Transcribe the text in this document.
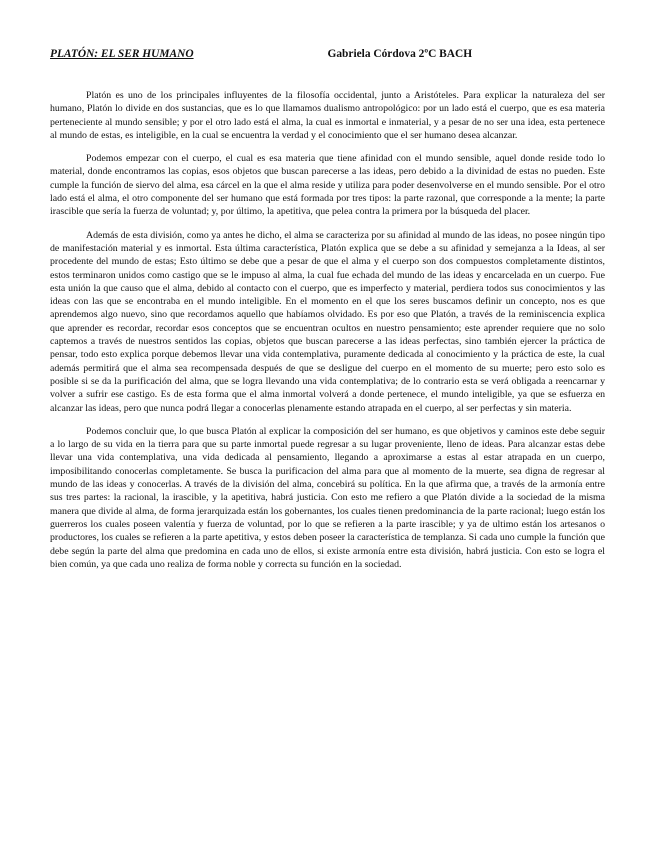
PLATÓN: EL SER HUMANO	Gabriela Córdova 2ºC BACH

Platón es uno de los principales influyentes de la filosofía occidental, junto a Aristóteles. Para explicar la naturaleza del ser humano, Platón lo divide en dos sustancias, que es lo que llamamos dualismo antropológico: por un lado está el cuerpo, que es esa materia perteneciente al mundo sensible; y por el otro lado está el alma, la cual es inmortal e inmaterial, y a pesar de no ser una idea, esta pertenece al mundo de estas, es inteligible, en la cual se encuentra la verdad y el conocimiento que el ser humano desea alcanzar.

Podemos empezar con el cuerpo, el cual es esa materia que tiene afinidad con el mundo sensible, aquel donde reside todo lo material, donde encontramos las copias, esos objetos que buscan parecerse a las ideas, pero debido a la divinidad de estas no pueden. Este cumple la función de siervo del alma, esa cárcel en la que el alma reside y utiliza para poder desenvolverse en el mundo sensible. Por el otro lado está el alma, el otro componente del ser humano que está formada por tres tipos: la parte razonal, que corresponde a la mente; la parte irascible que sería la fuerza de voluntad; y, por último, la apetitiva, que pelea contra la primera por la búsqueda del placer.

Además de esta división, como ya antes he dicho, el alma se caracteriza por su afinidad al mundo de las ideas, no posee ningún tipo de manifestación material y es inmortal. Esta última característica, Platón explica que se debe a su afinidad y semejanza a la Ideas, al ser procedente del mundo de estas; Esto último se debe que a pesar de que el alma y el cuerpo son dos compuestos completamente distintos, estos terminaron unidos como castigo que se le impuso al alma, la cual fue echada del mundo de las ideas y encarcelada en un cuerpo. Fue esta unión la que causo que el alma, debido al contacto con el cuerpo, que es imperfecto y material, perdiera todos sus conocimientos y las ideas con las que se encontraba en el mundo inteligible. En el momento en el que los seres buscamos definir un concepto, nos es que aprendemos algo nuevo, sino que recordamos aquello que habíamos olvidado. Es por eso que Platón, a través de la reminiscencia explica que aprender es recordar, recordar esos conceptos que se encuentran ocultos en nuestro pensamiento; este aprender requiere que no solo captemos a través de nuestros sentidos las copias, objetos que buscan parecerse a las ideas perfectas, sino también ejercer la práctica de pensar, todo esto explica porque debemos llevar una vida contemplativa, puramente dedicada al conocimiento y la práctica de este, la cual además permitirá que el alma sea recompensada después de que se desligue del cuerpo en el momento de su muerte; pero esto solo es posible si se da la purificación del alma, que se logra llevando una vida contemplativa; de lo contrario esta se verá obligada a reencarnar y volver a sufrir ese castigo. Es de esta forma que el alma inmortal volverá a donde pertenece, el mundo inteligible, ya que se esfuerza en alcanzar las ideas, pero que nunca podrá llegar a conocerlas plenamente estando atrapada en el cuerpo, al ser perfectas y sin materia.

Podemos concluir que, lo que busca Platón al explicar la composición del ser humano, es que objetivos y caminos este debe seguir a lo largo de su vida en la tierra para que su parte inmortal puede regresar a su lugar proveniente, lleno de ideas. Para alcanzar estas debe llevar una vida contemplativa, una vida dedicada al pensamiento, llegando a aproximarse a estas al estar atrapada en un cuerpo, imposibilitando conocerlas completamente. Se busca la purificacion del alma para que al momento de la muerte, sea digna de regresar al mundo de las ideas y conocerlas. A través de la división del alma, concebirá su política. En la que afirma que, a través de la armonía entre sus tres partes: la racional, la irascible, y la apetitiva, habrá justicia. Con esto me refiero a que Platón divide a la sociedad de la misma manera que divide al alma, de forma jerarquizada están los gobernantes, los cuales tienen predominancia de la parte racional; luego están los guerreros los cuales poseen valentía y fuerza de voluntad, por lo que se refieren a la parte irascible; y ya de ultimo están los artesanos o productores, los cuales se refieren a la parte apetitiva, y estos deben poseer la característica de templanza. Si cada uno cumple la función que debe según la parte del alma que predomina en cada uno de ellos, si existe armonía entre esta división, habrá justicia. Con esto se logra el bien común, ya que cada uno realiza de forma noble y correcta su función en la sociedad.
